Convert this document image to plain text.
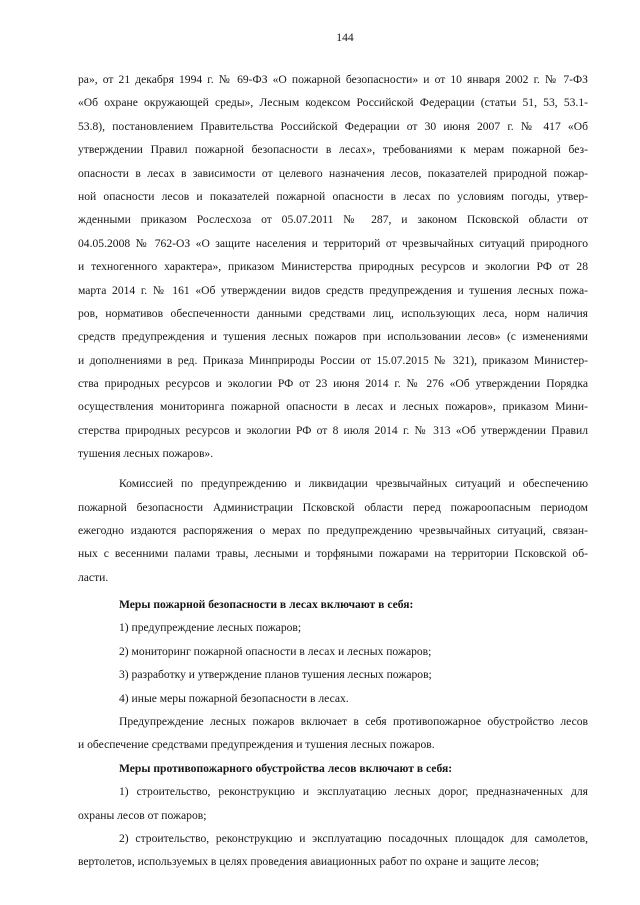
144
ра», от 21 декабря 1994 г. № 69-ФЗ «О пожарной безопасности» и от 10 января 2002 г. № 7-ФЗ
«Об охране окружающей среды», Лесным кодексом Российской Федерации (статьи 51, 53, 53.1-
53.8), постановлением Правительства Российской Федерации от 30 июня 2007 г. № 417 «Об
утверждении Правил пожарной безопасности в лесах», требованиями к мерам пожарной без-
опасности в лесах в зависимости от целевого назначения лесов, показателей природной пожар-
ной опасности лесов и показателей пожарной опасности в лесах по условиям погоды, утвер-
жденными приказом Рослесхоза от 05.07.2011 № 287, и законом Псковской области от
04.05.2008 № 762-ОЗ «О защите населения и территорий от чрезвычайных ситуаций природного
и техногенного характера», приказом Министерства природных ресурсов и экологии РФ от 28
марта 2014 г. № 161 «Об утверждении видов средств предупреждения и тушения лесных пожа-
ров, нормативов обеспеченности данными средствами лиц, использующих леса, норм наличия
средств предупреждения и тушения лесных пожаров при использовании лесов» (с изменениями
и дополнениями в ред. Приказа Минприроды России от 15.07.2015 № 321), приказом Министер-
ства природных ресурсов и экологии РФ от 23 июня 2014 г. № 276 «Об утверждении Порядка
осуществления мониторинга пожарной опасности в лесах и лесных пожаров», приказом Мини-
стерства природных ресурсов и экологии РФ от 8 июля 2014 г. № 313 «Об утверждении Правил
тушения лесных пожаров».
Комиссией по предупреждению и ликвидации чрезвычайных ситуаций и обеспечению
пожарной безопасности Администрации Псковской области перед пожароопасным периодом
ежегодно издаются распоряжения о мерах по предупреждению чрезвычайных ситуаций, связан-
ных с весенними палами травы, лесными и торфяными пожарами на территории Псковской об-
ласти.
Меры пожарной безопасности в лесах включают в себя:
1) предупреждение лесных пожаров;
2) мониторинг пожарной опасности в лесах и лесных пожаров;
3) разработку и утверждение планов тушения лесных пожаров;
4) иные меры пожарной безопасности в лесах.
Предупреждение лесных пожаров включает в себя противопожарное обустройство лесов
и обеспечение средствами предупреждения и тушения лесных пожаров.
Меры противопожарного обустройства лесов включают в себя:
1) строительство, реконструкцию и эксплуатацию лесных дорог, предназначенных для
охраны лесов от пожаров;
2) строительство, реконструкцию и эксплуатацию посадочных площадок для самолетов,
вертолетов, используемых в целях проведения авиационных работ по охране и защите лесов;
